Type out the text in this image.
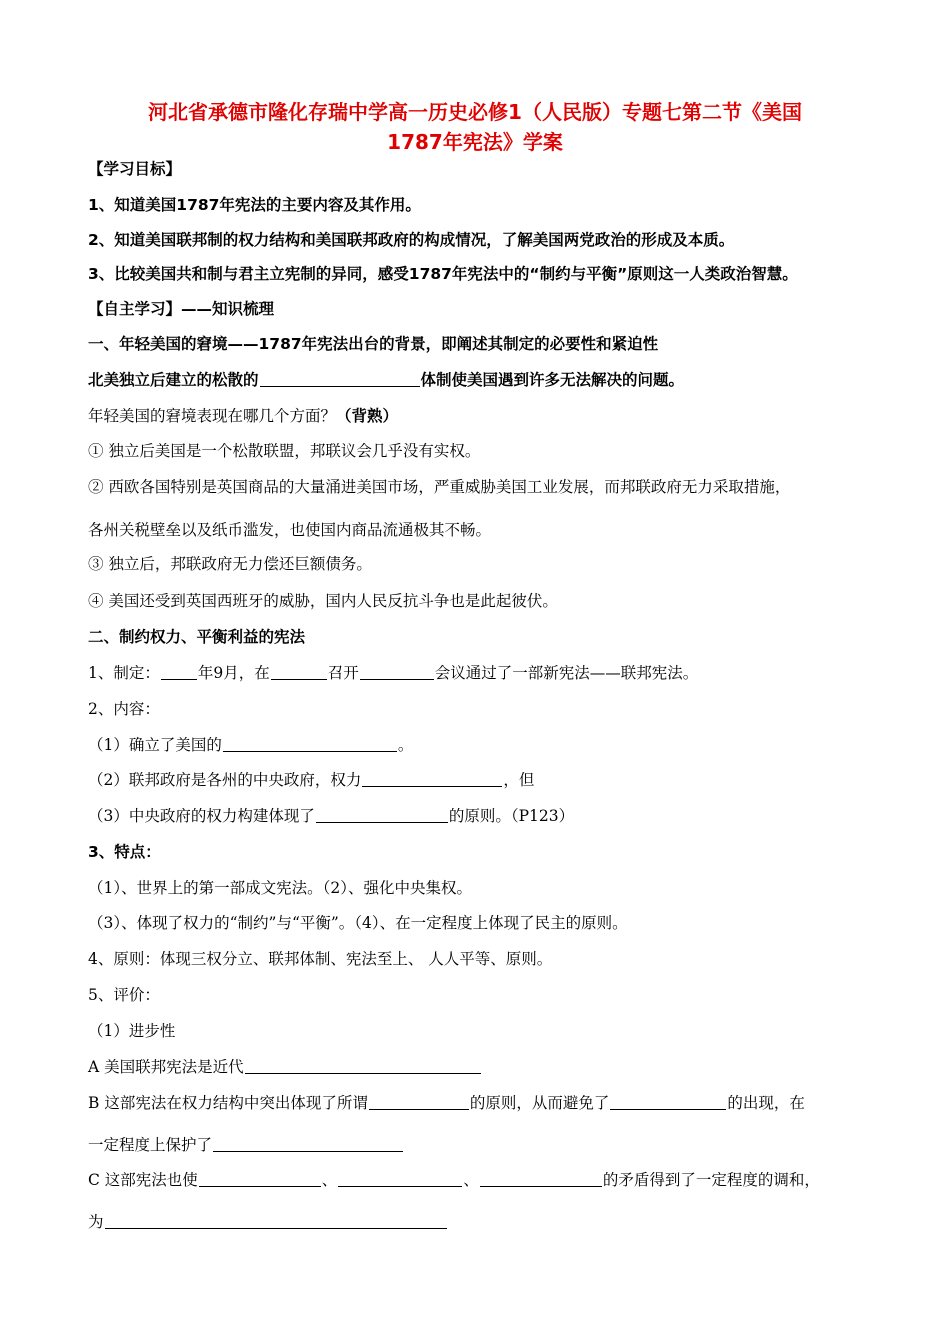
河北省承德市隆化存瑞中学高一历史必修1（人民版）专题七第二节《美国
1787年宪法》学案
【学习目标】
1、知道美国1787年宪法的主要内容及其作用。
2、知道美国联邦制的权力结构和美国联邦政府的构成情况，了解美国两党政治的形成及本质。
3、比较美国共和制与君主立宪制的异同，感受1787年宪法中的“制约与平衡”原则这一人类政治智慧。
【自主学习】——知识梳理
一、年轻美国的窘境——1787年宪法出台的背景，即阐述其制定的必要性和紧迫性
北美独立后建立的松散的	体制使美国遇到许多无法解决的问题。
年轻美国的窘境表现在哪几个方面？（背熟）
① 独立后美国是一个松散联盟，邦联议会几乎没有实权。
② 西欧各国特别是英国商品的大量涌进美国市场，严重威胁美国工业发展，而邦联政府无力采取措施，
各州关税壁垒以及纸币滥发，也使国内商品流通极其不畅。
③ 独立后，邦联政府无力偿还巨额债务。
④ 美国还受到英国西班牙的威胁，国内人民反抗斗争也是此起彼伏。
二、制约权力、平衡利益的宪法
1、制定： 年9月，在	召开	会议通过了一部新宪法——联邦宪法。
2、内容：
（1）确立了美国的	。
（2）联邦政府是各州的中央政府，权力	，但
（3）中央政府的权力构建体现了	的原则。（P123）
3、特点：
（1）、世界上的第一部成文宪法。（2）、强化中央集权。
（3）、体现了权力的“制约”与“平衡”。（4）、在一定程度上体现了民主的原则。
4、原则：体现三权分立、联邦体制、宪法至上、 人人平等、原则。
5、评价：
（1）进步性
A 美国联邦宪法是近代
B 这部宪法在权力结构中突出体现了所谓	的原则，从而避免了	的出现，在
一定程度上保护了
C 这部宪法也使	、	、	的矛盾得到了一定程度的调和，
为
